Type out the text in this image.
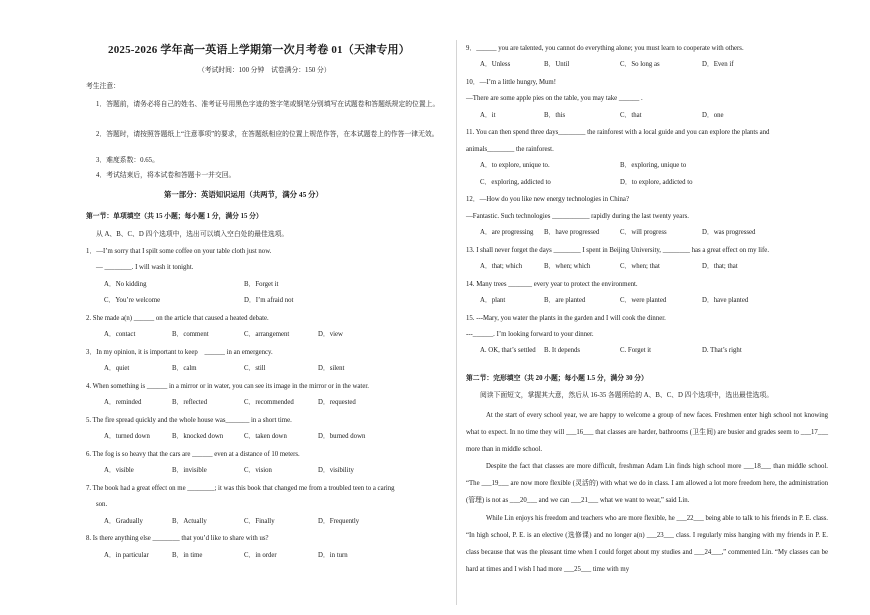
2025-2026 学年高一英语上学期第一次月考卷 01（天津专用）
（考试时间：100 分钟　试卷满分：150 分）
考生注意：
1．答题前，请务必将自己的姓名、准考证号用黑色字迹的签字笔或钢笔分别填写在试题卷和答题纸规定的位置上。
2．答题时，请按照答题纸上“注意事项”的要求，在答题纸相应的位置上规范作答，在本试题卷上的作答一律无效。
3．难度系数：0.65。
4．考试结束后，将本试卷和答题卡一并交回。
第一部分：英语知识运用（共两节，满分 45 分）
第一节：单项填空（共 15 小题；每小题 1 分，满分 15 分）
从 A、B、C、D 四个选项中，选出可以填入空白处的最佳选项。
1．—I’m sorry that I spilt some coffee on your table cloth just now.
— ________. I will wash it tonight.
A．No kidding	B．Forget it
C．You’re welcome	D．I’m afraid not
2. She made a(n) ______ on the article that caused a heated debate.
A．contact	B．comment	C．arrangement	D．view
3．In my opinion, it is important to keep　______ in an emergency.
A．quiet	B．calm	C．still	D．silent
4. When something is ______ in a mirror or in water, you can see its image in the mirror or in the water.
A．reminded	B．reflected	C．recommended	D．requested
5. The fire spread quickly and the whole house was_______ in a short time.
A．turned down	B．knocked down	C．taken down	D．burned down
6. The fog is so heavy that the cars are ______ even at a distance of 10 meters.
A．visible	B．invisible	C．vision	D．visibility
7. The book had a great effect on me ________; it was this book that changed me from a troubled teen to a caring
son.
A．Gradually	B．Actually	C．Finally	D．Frequently
8. Is there anything else ________ that you’d like to share with us?
A．in particular	B．in time	C．in order	D．in turn
9．______ you are talented, you cannot do everything alone; you must learn to cooperate with others.
A．Unless	B．Until	C．So long as	D．Even if
10．—I’m a little hungry, Mum!
—There are some apple pies on the table, you may take ______ .
A．it	B．this	C．that	D．one
11. You can then spend three days________ the rainforest with a local guide and you can explore the plants and
animals________ the rainforest.
A．to explore, unique to.	B．exploring, unique to
C．exploring, addicted to	D．to explore, addicted to
12．—How do you like new energy technologies in China?
—Fantastic. Such technologies ___________ rapidly during the last twenty years.
A．are progressing B．have progressed	C．will progress	D．was progressed
13. I shall never forget the days ________ I spent in Beijing University, ________ has a great effect on my life.
A．that; which	B．when; which	C．when; that	D．that; that
14. Many trees _______ every year to protect the environment.
A．plant	B．are planted	C．were planted	D．have planted
15. ---Mary, you water the plants in the garden and I will cook the dinner.
---______. I’m looking forward to your dinner.
A. OK, that’s settled B. It depends	C. Forget it	D. That’s right
第二节：完形填空（共 20 小题；每小题 1.5 分，满分 30 分）
阅读下面短文，掌握其大意，然后从 16-35 各题所给的 A、B、C、D 四个选项中，选出最佳选项。
At the start of every school year, we are happy to welcome a group of new faces. Freshmen enter high school not knowing what to expect. In no time they will ___16___ that classes are harder, bathrooms (卫生间) are busier and grades seem to ___17___ more than in middle school.
Despite the fact that classes are more difficult, freshman Adam Lin finds high school more ___18___ than middle school. “The ___19___ are now more flexible (灵活的) with what we do in class. I am allowed a lot more freedom here, the administration (管理) is not as ___20___ and we can ___21___ what we want to wear,” said Lin.
While Lin enjoys his freedom and teachers who are more flexible, he ___22___ being able to talk to his friends in P. E. class. “In high school, P. E. is an elective (选修课) and no longer a(n) ___23___ class. I regularly miss hanging with my friends in P. E. class because that was the pleasant time when I could forget about my studies and ___24___,” commented Lin. “My classes can be hard at times and I wish I had more ___25___ time with my
